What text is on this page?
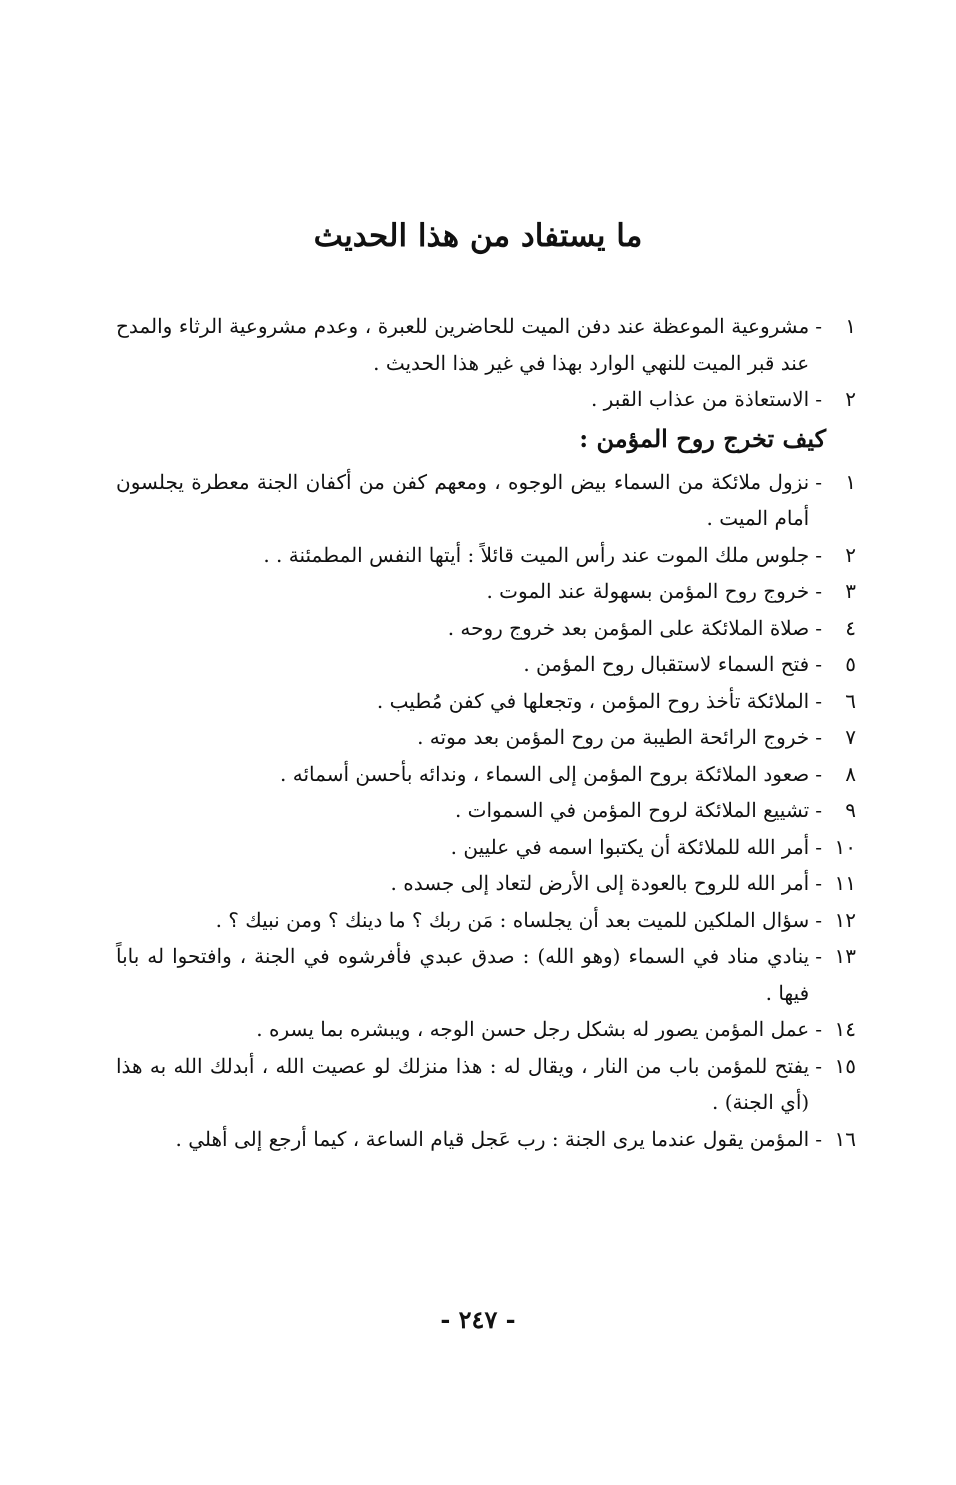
ما يستفاد من هذا الحديث
١
-
مشروعية الموعظة عند دفن الميت للحاضرين للعبرة ، وعدم مشروعية الرثاء والمدح عند قبر الميت للنهي الوارد بهذا في غير هذا الحديث .
٢
-
الاستعاذة من عذاب القبر .
كيف تخرج روح المؤمن :
١
-
نزول ملائكة من السماء بيض الوجوه ، ومعهم كفن من أكفان الجنة معطرة يجلسون أمام الميت .
٢
-
جلوس ملك الموت عند رأس الميت قائلاً : أيتها النفس المطمئنة . .
٣
-
خروج روح المؤمن بسهولة عند الموت .
٤
-
صلاة الملائكة على المؤمن بعد خروج روحه .
٥
-
فتح السماء لاستقبال روح المؤمن .
٦
-
الملائكة تأخذ روح المؤمن ، وتجعلها في كفن مُطيب .
٧
-
خروج الرائحة الطيبة من روح المؤمن بعد موته .
٨
-
صعود الملائكة بروح المؤمن إلى السماء ، وندائه بأحسن أسمائه .
٩
-
تشييع الملائكة لروح المؤمن في السموات .
١٠
-
أمر الله للملائكة أن يكتبوا اسمه في عليين .
١١
-
أمر الله للروح بالعودة إلى الأرض لتعاد إلى جسده .
١٢
-
سؤال الملكين للميت بعد أن يجلساه : مَن ربك ؟ ما دينك ؟ ومن نبيك ؟ .
١٣
-
ينادي مناد في السماء (وهو الله) : صدق عبدي فأفرشوه في الجنة ، وافتحوا له باباً فيها .
١٤
-
عمل المؤمن يصور له بشكل رجل حسن الوجه ، ويبشره بما يسره .
١٥
-
يفتح للمؤمن باب من النار ، ويقال له : هذا منزلك لو عصيت الله ، أبدلك الله به هذا (أي الجنة) .
١٦
-
المؤمن يقول عندما يرى الجنة : رب عَجل قيام الساعة ، كيما أرجع إلى أهلي .
- ٢٤٧ -
